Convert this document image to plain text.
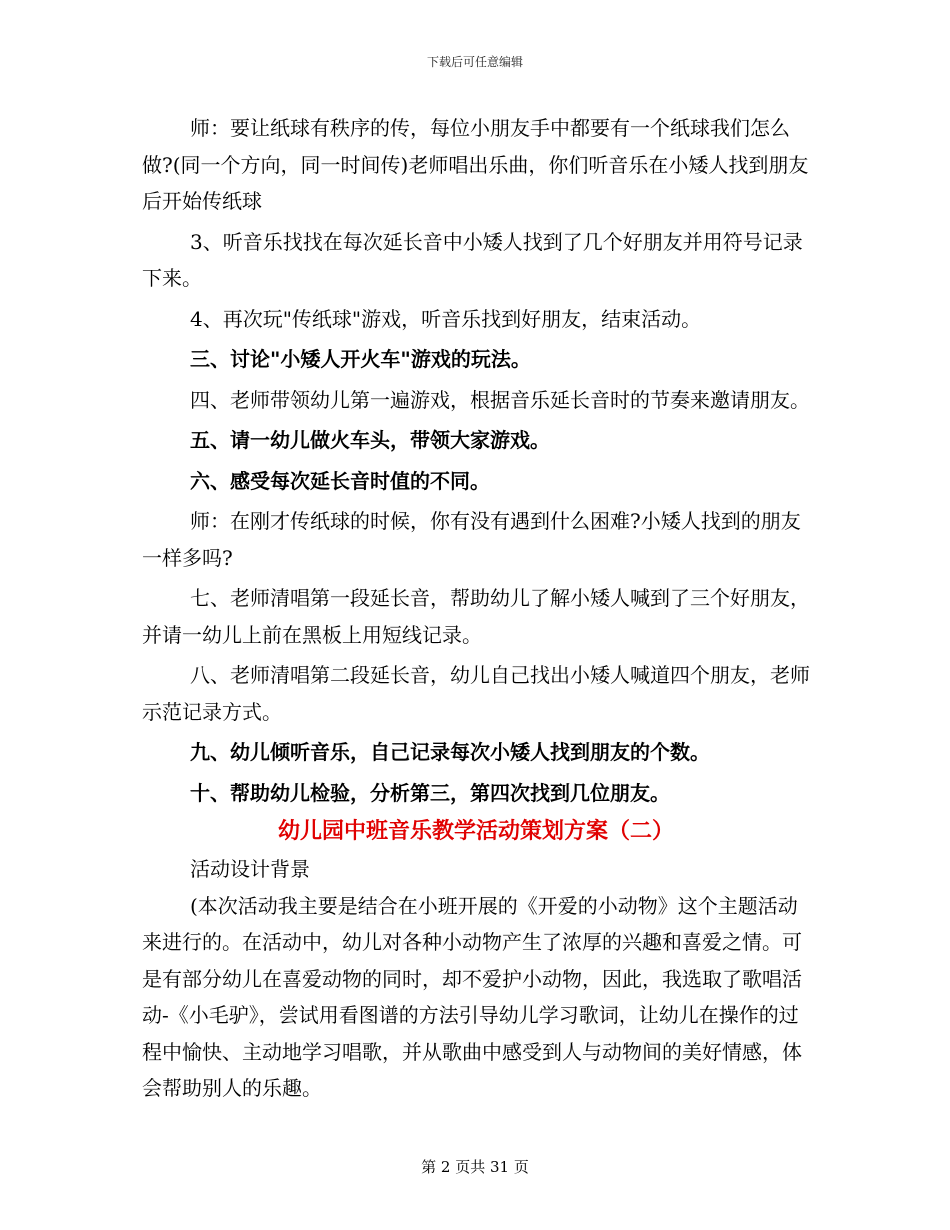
下载后可任意编辑

师：要让纸球有秩序的传，每位小朋友手中都要有一个纸球我们怎么做?(同一个方向，同一时间传)老师唱出乐曲，你们听音乐在小矮人找到朋友后开始传纸球

3、听音乐找找在每次延长音中小矮人找到了几个好朋友并用符号记录下来。

4、再次玩"传纸球"游戏，听音乐找到好朋友，结束活动。

三、讨论"小矮人开火车"游戏的玩法。

四、老师带领幼儿第一遍游戏，根据音乐延长音时的节奏来邀请朋友。

五、请一幼儿做火车头，带领大家游戏。

六、感受每次延长音时值的不同。

师：在刚才传纸球的时候，你有没有遇到什么困难?小矮人找到的朋友一样多吗?

七、老师清唱第一段延长音，帮助幼儿了解小矮人喊到了三个好朋友，并请一幼儿上前在黑板上用短线记录。

八、老师清唱第二段延长音，幼儿自己找出小矮人喊道四个朋友，老师示范记录方式。

九、幼儿倾听音乐，自己记录每次小矮人找到朋友的个数。

十、帮助幼儿检验，分析第三，第四次找到几位朋友。

幼儿园中班音乐教学活动策划方案（二）

活动设计背景

(本次活动我主要是结合在小班开展的《开爱的小动物》这个主题活动来进行的。在活动中，幼儿对各种小动物产生了浓厚的兴趣和喜爱之情。可是有部分幼儿在喜爱动物的同时，却不爱护小动物，因此，我选取了歌唱活动-《小毛驴》，尝试用看图谱的方法引导幼儿学习歌词，让幼儿在操作的过程中愉快、主动地学习唱歌，并从歌曲中感受到人与动物间的美好情感，体会帮助别人的乐趣。

第 2 页共 31 页
